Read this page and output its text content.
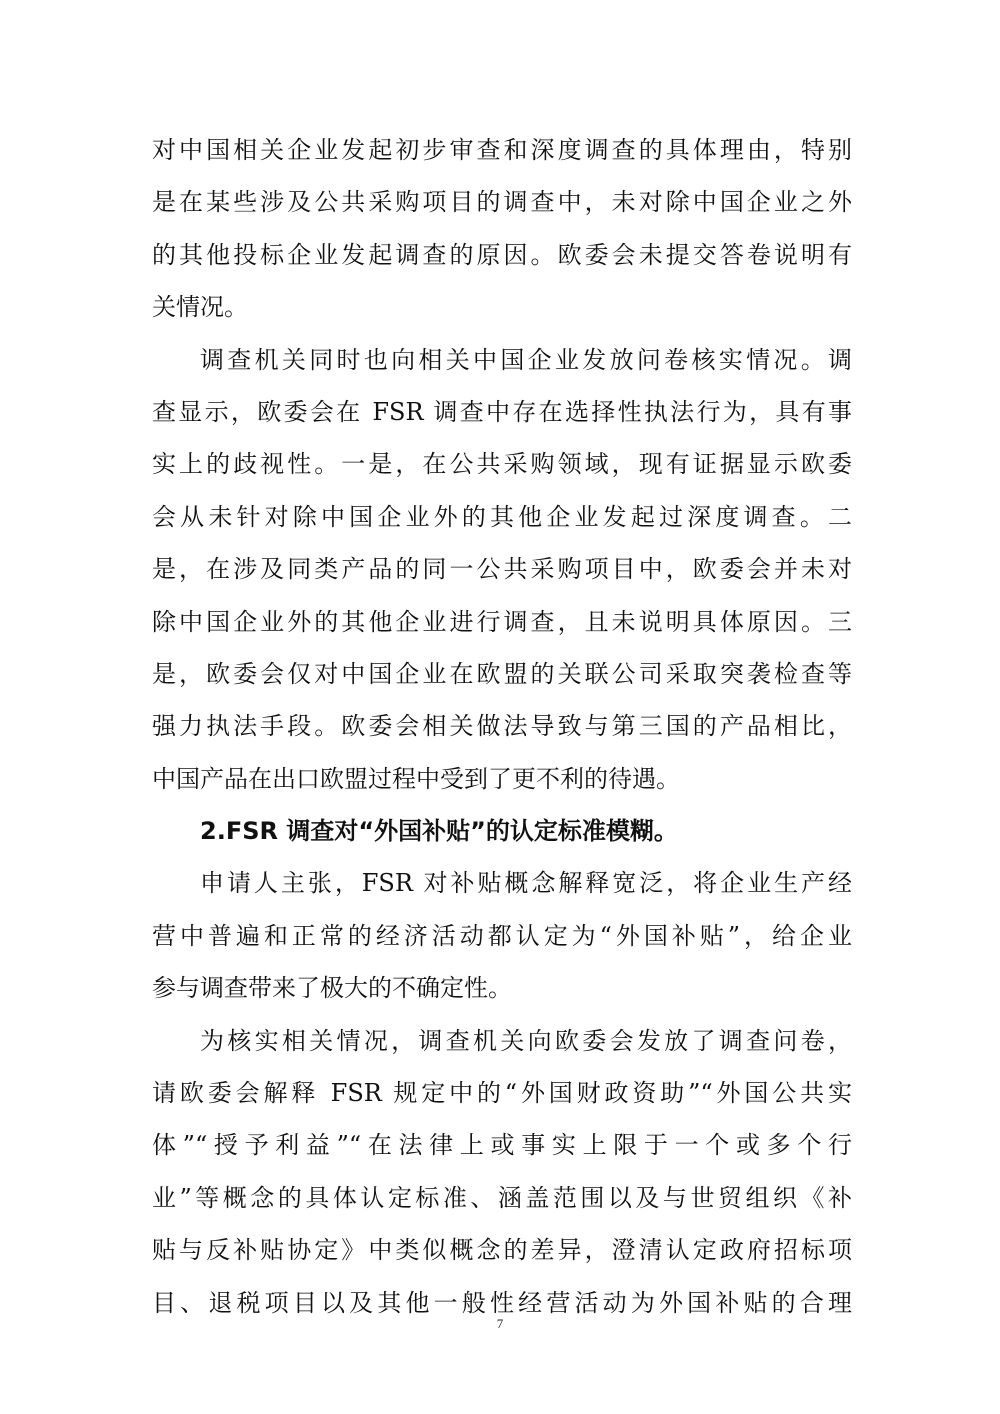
对中国相关企业发起初步审查和深度调查的具体理由，特别
是在某些涉及公共采购项目的调查中，未对除中国企业之外
的其他投标企业发起调查的原因。欧委会未提交答卷说明有
关情况。
调查机关同时也向相关中国企业发放问卷核实情况。调
查显示，欧委会在 FSR 调查中存在选择性执法行为，具有事
实上的歧视性。一是，在公共采购领域，现有证据显示欧委
会从未针对除中国企业外的其他企业发起过深度调查。二
是，在涉及同类产品的同一公共采购项目中，欧委会并未对
除中国企业外的其他企业进行调查，且未说明具体原因。三
是，欧委会仅对中国企业在欧盟的关联公司采取突袭检查等
强力执法手段。欧委会相关做法导致与第三国的产品相比，
中国产品在出口欧盟过程中受到了更不利的待遇。
2.FSR 调查对“外国补贴”的认定标准模糊。
申请人主张，FSR 对补贴概念解释宽泛，将企业生产经
营中普遍和正常的经济活动都认定为“外国补贴”，给企业
参与调查带来了极大的不确定性。
为核实相关情况，调查机关向欧委会发放了调查问卷，
请欧委会解释 FSR 规定中的“外国财政资助”“外国公共实
体”“授予利益”“在法律上或事实上限于一个或多个行
业”等概念的具体认定标准、涵盖范围以及与世贸组织《补
贴与反补贴协定》中类似概念的差异，澄清认定政府招标项
目、退税项目以及其他一般性经营活动为外国补贴的合理
7
